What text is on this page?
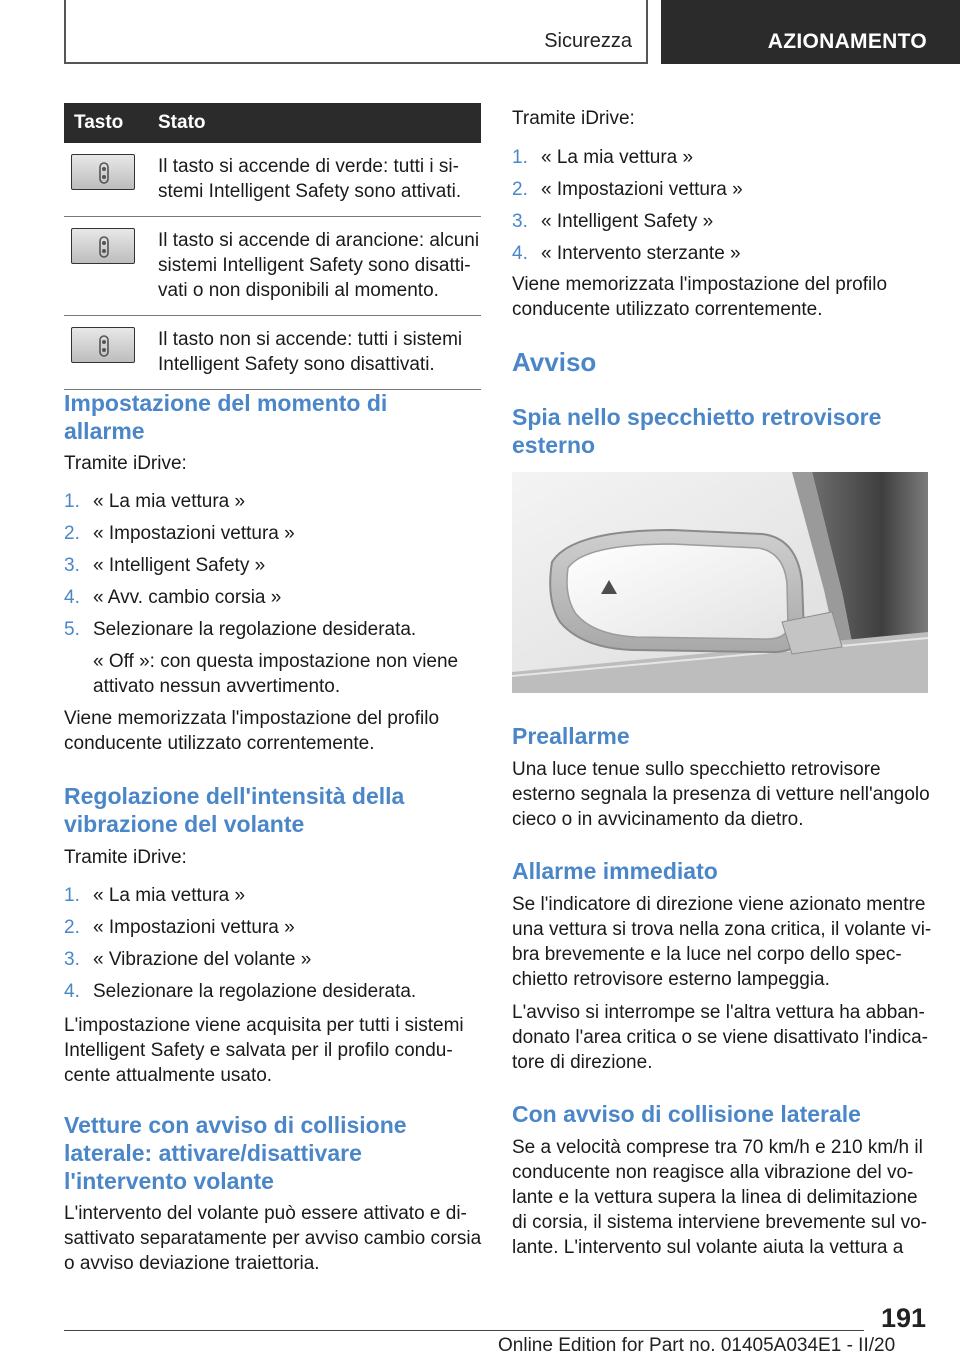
Sicurezza	AZIONAMENTO
Tasto	Stato

Il tasto si accende di verde: tutti i si-
stemi Intelligent Safety sono attivati.

Il tasto si accende di arancione: alcuni
sistemi Intelligent Safety sono disatti-
vati o non disponibili al momento.

Il tasto non si accende: tutti i sistemi
Intelligent Safety sono disattivati.
Impostazione del momento di
allarme

Tramite iDrive:

1. « La mia vettura »
2. « Impostazioni vettura »
3. « Intelligent Safety »
4. « Avv. cambio corsia »
5. Selezionare la regolazione desiderata.

« Off »: con questa impostazione non viene
attivato nessun avvertimento.

Viene memorizzata l'impostazione del profilo
conducente utilizzato correntemente.

Regolazione dell'intensità della
vibrazione del volante

Tramite iDrive:

1. « La mia vettura »
2. « Impostazioni vettura »
3. « Vibrazione del volante »
4. Selezionare la regolazione desiderata.

L'impostazione viene acquisita per tutti i sistemi
Intelligent Safety e salvata per il profilo condu-
cente attualmente usato.

Vetture con avviso di collisione
laterale: attivare/disattivare
l'intervento volante

L'intervento del volante può essere attivato e di-
sattivato separatamente per avviso cambio corsia
o avviso deviazione traiettoria.

Tramite iDrive:

1. « La mia vettura »
2. « Impostazioni vettura »
3. « Intelligent Safety »
4. « Intervento sterzante »

Viene memorizzata l'impostazione del profilo
conducente utilizzato correntemente.

Avviso
Spia nello specchietto retrovisore
esterno
Preallarme

Una luce tenue sullo specchietto retrovisore
esterno segnala la presenza di vetture nell'angolo
cieco o in avvicinamento da dietro.

Allarme immediato

Se l'indicatore di direzione viene azionato mentre
una vettura si trova nella zona critica, il volante vi-
bra brevemente e la luce nel corpo dello spec-
chietto retrovisore esterno lampeggia.

L'avviso si interrompe se l'altra vettura ha abban-
donato l'area critica o se viene disattivato l'indica-
tore di direzione.

Con avviso di collisione laterale

Se a velocità comprese tra 70 km/h e 210 km/h il
conducente non reagisce alla vibrazione del vo-
lante e la vettura supera la linea di delimitazione
di corsia, il sistema interviene brevemente sul vo-
lante. L'intervento sul volante aiuta la vettura a

191
Online Edition for Part no. 01405A034E1 - II/20
